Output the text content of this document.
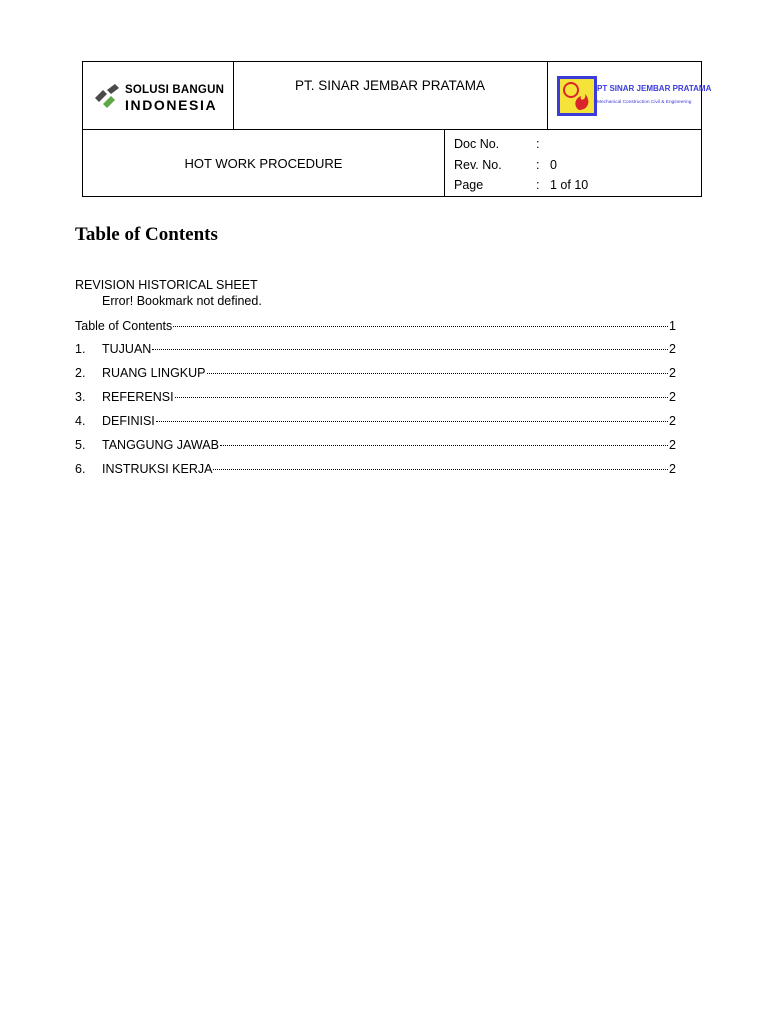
SOLUSI BANGUN
INDONESIA
PT. SINAR JEMBAR PRATAMA	PT SINAR JEMBAR PRATAMA
Mechanical Construction Civil & Engineering
HOT WORK PROCEDURE
Doc No.	:
Rev. No.	: 0
Page	: 1 of 10
Table of Contents
REVISION HISTORICAL SHEET
Error! Bookmark not defined.
Table of Contents	1
1.	TUJUAN	2
2.	RUANG LINGKUP	2
3.	REFERENSI	2
4.	DEFINISI	2
5.	TANGGUNG JAWAB	2
6.	INSTRUKSI KERJA	2
